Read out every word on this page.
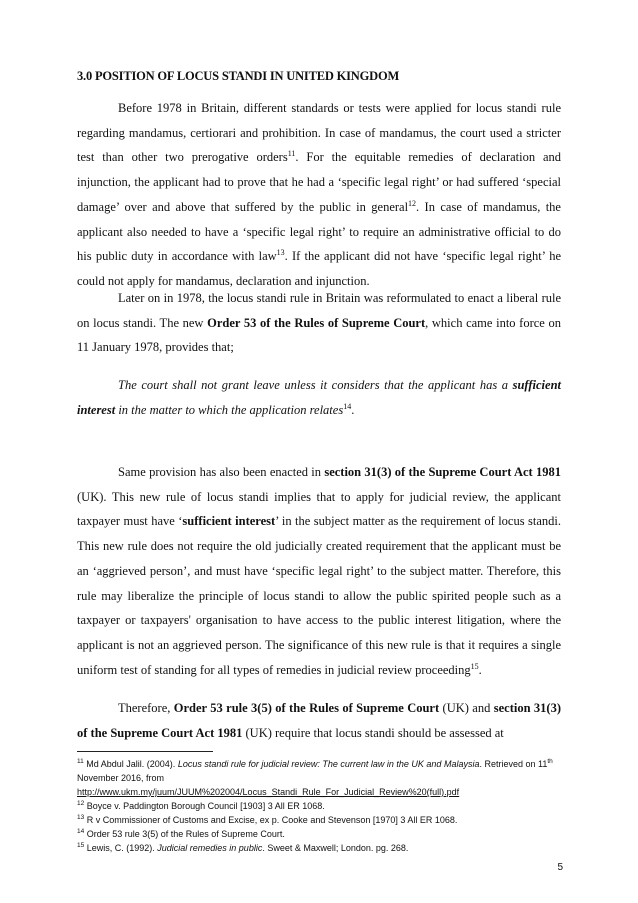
3.0 POSITION OF LOCUS STANDI IN UNITED KINGDOM

Before 1978 in Britain, different standards or tests were applied for locus standi rule regarding mandamus, certiorari and prohibition. In case of mandamus, the court used a stricter test than other two prerogative orders$^{11}$. For the equitable remedies of declaration and injunction, the applicant had to prove that he had a ‘specific legal right’ or had suffered ‘special damage’ over and above that suffered by the public in general$^{12}$. In case of mandamus, the applicant also needed to have a ‘specific legal right’ to require an administrative official to do his public duty in accordance with law$^{13}$. If the applicant did not have ‘specific legal right’ he could not apply for mandamus, declaration and injunction.

Later on in 1978, the locus standi rule in Britain was reformulated to enact a liberal rule on locus standi. The new Order 53 of the Rules of Supreme Court, which came into force on 11 January 1978, provides that;

The court shall not grant leave unless it considers that the applicant has a sufficient interest in the matter to which the application relates$^{14}$.

Same provision has also been enacted in section 31(3) of the Supreme Court Act 1981 (UK). This new rule of locus standi implies that to apply for judicial review, the applicant taxpayer must have ‘sufficient interest’ in the subject matter as the requirement of locus standi. This new rule does not require the old judicially created requirement that the applicant must be an ‘aggrieved person’, and must have ‘specific legal right’ to the subject matter. Therefore, this rule may liberalize the principle of locus standi to allow the public spirited people such as a taxpayer or taxpayers' organisation to have access to the public interest litigation, where the applicant is not an aggrieved person. The significance of this new rule is that it requires a single uniform test of standing for all types of remedies in judicial review proceeding$^{15}$.

Therefore, Order 53 rule 3(5) of the Rules of Supreme Court (UK) and section 31(3) of the Supreme Court Act 1981 (UK) require that locus standi should be assessed at

$^{11}$ Md Abdul Jalil. (2004). Locus standi rule for judicial review: The current law in the UK and Malaysia. Retrieved on 11th November 2016, from
http://www.ukm.my/juum/JUUM%202004/Locus_Standi_Rule_For_Judicial_Review%20(full).pdf
$^{12}$ Boyce v. Paddington Borough Council [1903] 3 All ER 1068.
$^{13}$ R v Commissioner of Customs and Excise, ex p. Cooke and Stevenson [1970] 3 All ER 1068.
$^{14}$ Order 53 rule 3(5) of the Rules of Supreme Court.
$^{15}$ Lewis, C. (1992). Judicial remedies in public. Sweet & Maxwell; London. pg. 268.
5
